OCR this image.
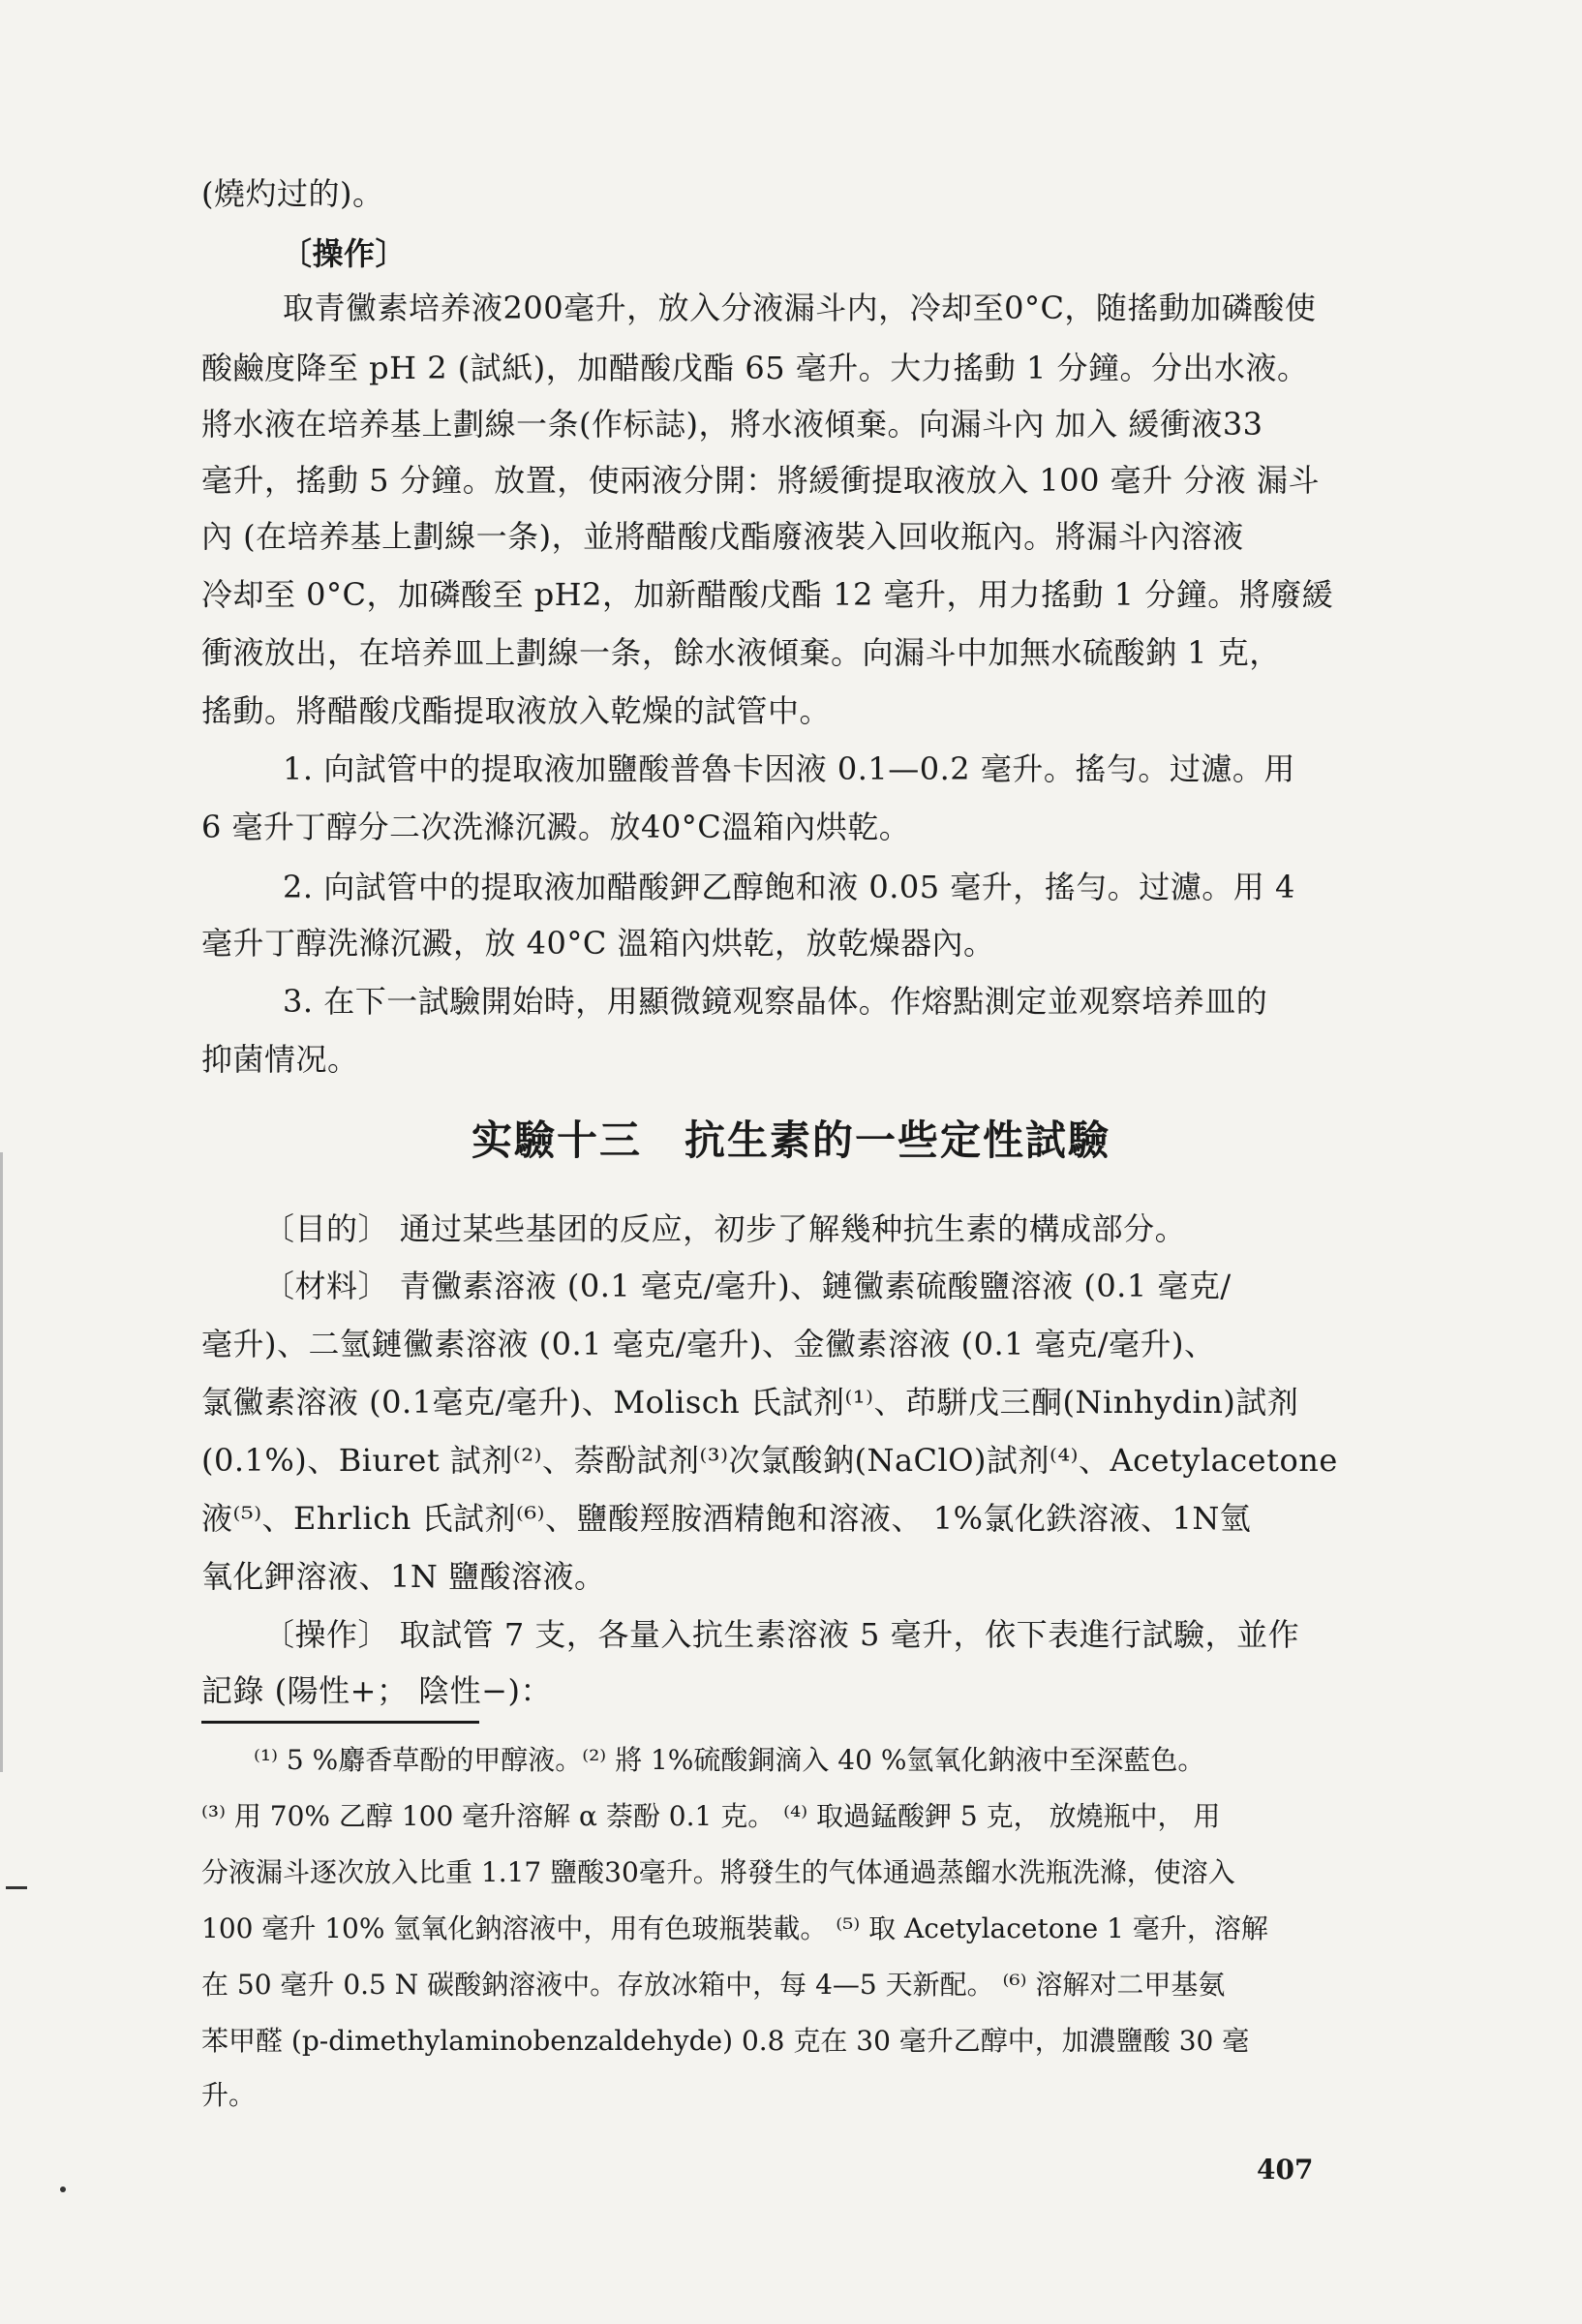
(燒灼过的)。
〔操作〕
取青黴素培养液200毫升，放入分液漏斗内，冷却至0°C，随搖動加磷酸使
酸鹼度降至 pH 2 (試紙)，加醋酸戊酯 65 毫升。大力搖動 1 分鐘。分出水液。
將水液在培养基上劃線一条(作标誌)，將水液傾棄。向漏斗內 加入 緩衝液33
毫升，搖動 5 分鐘。放置，使兩液分開：將緩衝提取液放入 100 毫升 分液 漏斗
內 (在培养基上劃線一条)，並將醋酸戊酯廢液裝入回收瓶內。將漏斗內溶液
冷却至 0°C，加磷酸至 pH2，加新醋酸戊酯 12 毫升，用力搖動 1 分鐘。將廢緩
衝液放出，在培养皿上劃線一条，餘水液傾棄。向漏斗中加無水硫酸鈉 1 克，
搖動。將醋酸戊酯提取液放入乾燥的試管中。
1. 向試管中的提取液加鹽酸普魯卡因液 0.1—0.2 毫升。搖勻。过濾。用
6 毫升丁醇分二次洗滌沉澱。放40°C溫箱內烘乾。
2. 向試管中的提取液加醋酸鉀乙醇飽和液 0.05 毫升，搖勻。过濾。用 4
毫升丁醇洗滌沉澱，放 40°C 溫箱內烘乾，放乾燥器內。
3. 在下一試驗開始時，用顯微鏡观察晶体。作熔點測定並观察培养皿的
抑菌情况。
实驗十三　抗生素的一些定性試驗
〔目的〕 通过某些基团的反应，初步了解幾种抗生素的構成部分。
〔材料〕 青黴素溶液 (0.1 毫克/毫升)、鏈黴素硫酸鹽溶液 (0.1 毫克/
毫升)、二氫鏈黴素溶液 (0.1 毫克/毫升)、金黴素溶液 (0.1 毫克/毫升)、
氯黴素溶液 (0.1毫克/毫升)、Molisch 氏試剂⁽¹⁾、茚駢戊三酮(Ninhydin)試剂
(0.1%)、Biuret 試剂⁽²⁾、萘酚試剂⁽³⁾次氯酸鈉(NaClO)試剂⁽⁴⁾、Acetylacetone
液⁽⁵⁾、Ehrlich 氏試剂⁽⁶⁾、鹽酸羥胺酒精飽和溶液、 1%氯化鉄溶液、1N氫
氧化鉀溶液、1N 鹽酸溶液。
〔操作〕 取試管 7 支，各量入抗生素溶液 5 毫升，依下表進行試驗，並作
記錄 (陽性+； 陰性−)：
⁽¹⁾ 5 %麝香草酚的甲醇液。⁽²⁾ 將 1%硫酸銅滴入 40 %氫氧化鈉液中至深藍色。
⁽³⁾ 用 70% 乙醇 100 毫升溶解 α 萘酚 0.1 克。 ⁽⁴⁾ 取過錳酸鉀 5 克， 放燒瓶中， 用
分液漏斗逐次放入比重 1.17 鹽酸30毫升。將發生的气体通過蒸餾水洗瓶洗滌，使溶入
100 毫升 10% 氫氧化鈉溶液中，用有色玻瓶裝載。 ⁽⁵⁾ 取 Acetylacetone 1 毫升，溶解
在 50 毫升 0.5 N 碳酸鈉溶液中。存放冰箱中，每 4—5 天新配。 ⁽⁶⁾ 溶解对二甲基氨
苯甲醛 (p-dimethylaminobenzaldehyde) 0.8 克在 30 毫升乙醇中，加濃鹽酸 30 毫
升。
407
